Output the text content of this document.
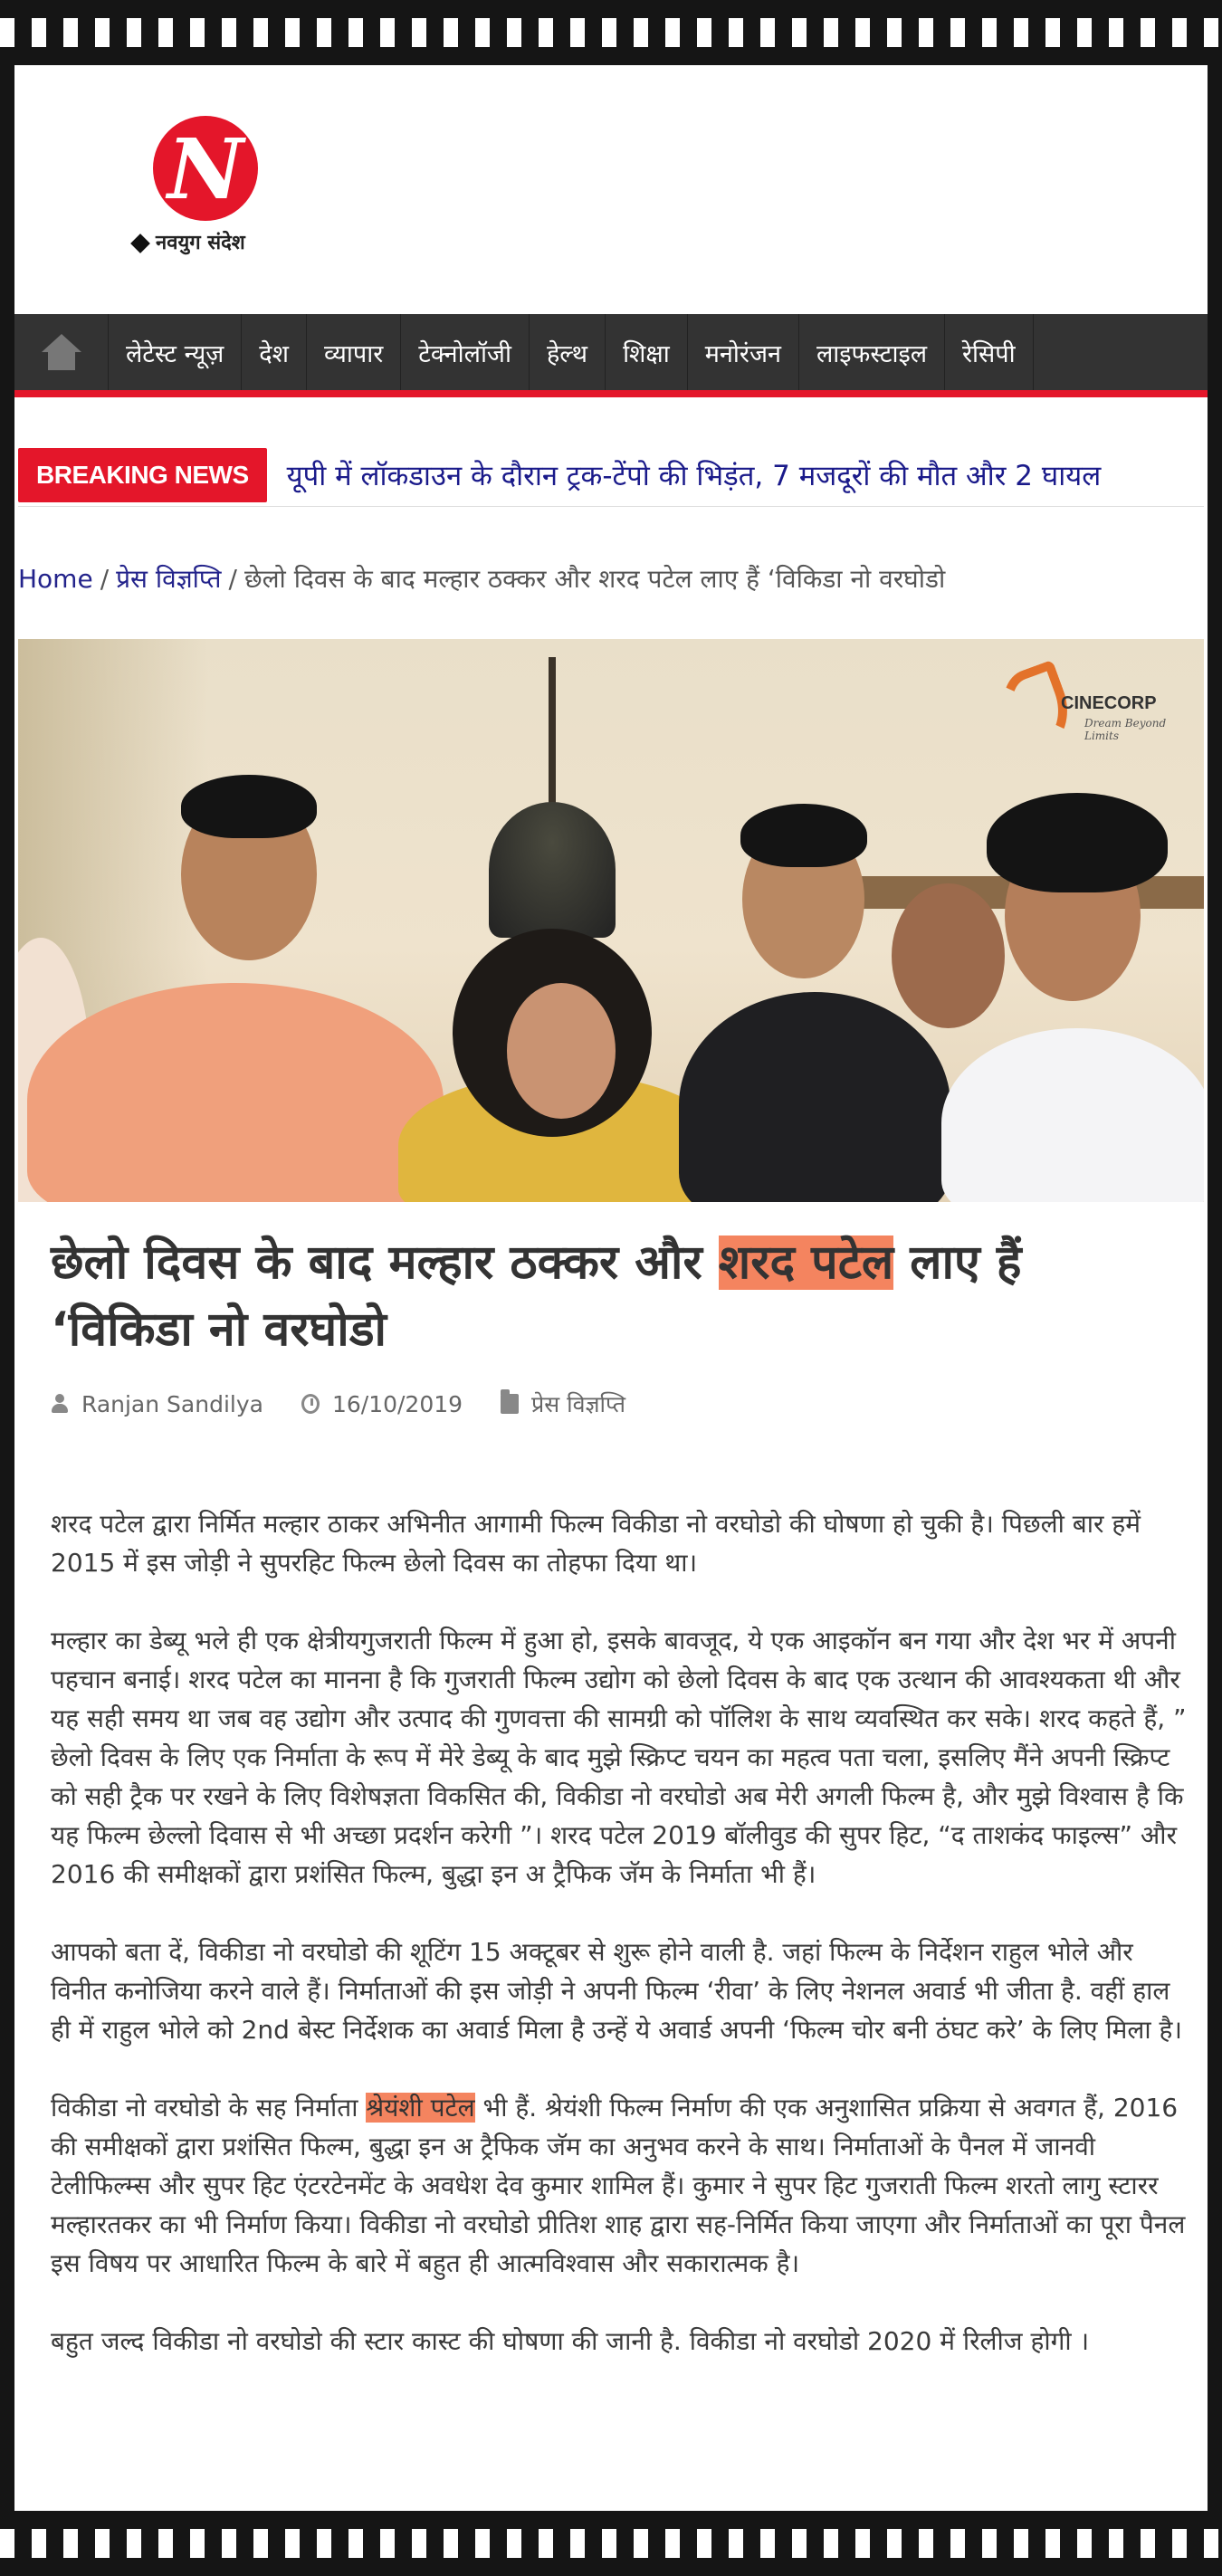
N
नवयुग संदेश
लेटेस्ट न्यूज़	देश	व्यापार	टेक्नोलॉजी	हेल्थ	शिक्षा	मनोरंजन	लाइफस्टाइल	रेसिपी
BREAKING NEWS	यूपी में लॉकडाउन के दौरान ट्रक-टेंपो की भिड़ंत, 7 मजदूरों की मौत और 2 घायल
Home / प्रेस विज्ञप्ति / छेलो दिवस के बाद मल्हार ठक्कर और शरद पटेल लाए हैं ‘विकिडा नो वरघोडो
CINECORP
Dream Beyond Limits
छेलो दिवस के बाद मल्हार ठक्कर और शरद पटेल लाए हैं ‘विकिडा नो वरघोडो
Ranjan Sandilya	16/10/2019	प्रेस विज्ञप्ति

शरद पटेल द्वारा निर्मित मल्हार ठाकर अभिनीत आगामी फिल्म विकीडा नो वरघोडो की घोषणा हो चुकी है। पिछली बार हमें 2015 में इस जोड़ी ने सुपरहिट फिल्म छेलो दिवस का तोहफा दिया था।

मल्हार का डेब्यू भले ही एक क्षेत्रीयगुजराती फिल्म में हुआ हो, इसके बावजूद, ये एक आइकॉन बन गया और देश भर में अपनी पहचान बनाई। शरद पटेल का मानना है कि गुजराती फिल्म उद्योग को छेलो दिवस के बाद एक उत्थान की आवश्यकता थी और यह सही समय था जब वह उद्योग और उत्पाद की गुणवत्ता की सामग्री को पॉलिश के साथ व्यवस्थित कर सके। शरद कहते हैं, ” छेलो दिवस के लिए एक निर्माता के रूप में मेरे डेब्यू के बाद मुझे स्क्रिप्ट चयन का महत्व पता चला, इसलिए मैंने अपनी स्क्रिप्ट को सही ट्रैक पर रखने के लिए विशेषज्ञता विकसित की, विकीडा नो वरघोडो अब मेरी अगली फिल्म है, और मुझे विश्वास है कि यह फिल्म छेल्लो दिवास से भी अच्छा प्रदर्शन करेगी ”। शरद पटेल 2019 बॉलीवुड की सुपर हिट, “द ताशकंद फाइल्स” और 2016 की समीक्षकों द्वारा प्रशंसित फिल्म, बुद्धा इन अ ट्रैफिक जॅम के निर्माता भी हैं।

आपको बता दें, विकीडा नो वरघोडो की शूटिंग 15 अक्टूबर से शुरू होने वाली है. जहां फिल्म के निर्देशन राहुल भोले और विनीत कनोजिया करने वाले हैं। निर्माताओं की इस जोड़ी ने अपनी फिल्म ‘रीवा’ के लिए नेशनल अवार्ड भी जीता है. वहीं हाल ही में राहुल भोले को 2nd बेस्ट निर्देशक का अवार्ड मिला है उन्हें ये अवार्ड अपनी ‘फिल्म चोर बनी ठंघट करे’ के लिए मिला है।

विकीडा नो वरघोडो के सह निर्माता श्रेयंशी पटेल भी हैं. श्रेयंशी फिल्म निर्माण की एक अनुशासित प्रक्रिया से अवगत हैं, 2016 की समीक्षकों द्वारा प्रशंसित फिल्म, बुद्धा इन अ ट्रैफिक जॅम का अनुभव करने के साथ। निर्माताओं के पैनल में जानवी टेलीफिल्म्स और सुपर हिट एंटरटेनमेंट के अवधेश देव कुमार शामिल हैं। कुमार ने सुपर हिट गुजराती फिल्म शरतो लागु स्टारर मल्हारतकर का भी निर्माण किया। विकीडा नो वरघोडो प्रीतिश शाह द्वारा सह-निर्मित किया जाएगा और निर्माताओं का पूरा पैनल इस विषय पर आधारित फिल्म के बारे में बहुत ही आत्मविश्वास और सकारात्मक है।

बहुत जल्द विकीडा नो वरघोडो की स्टार कास्ट की घोषणा की जानी है. विकीडा नो वरघोडो 2020 में रिलीज होगी ।
